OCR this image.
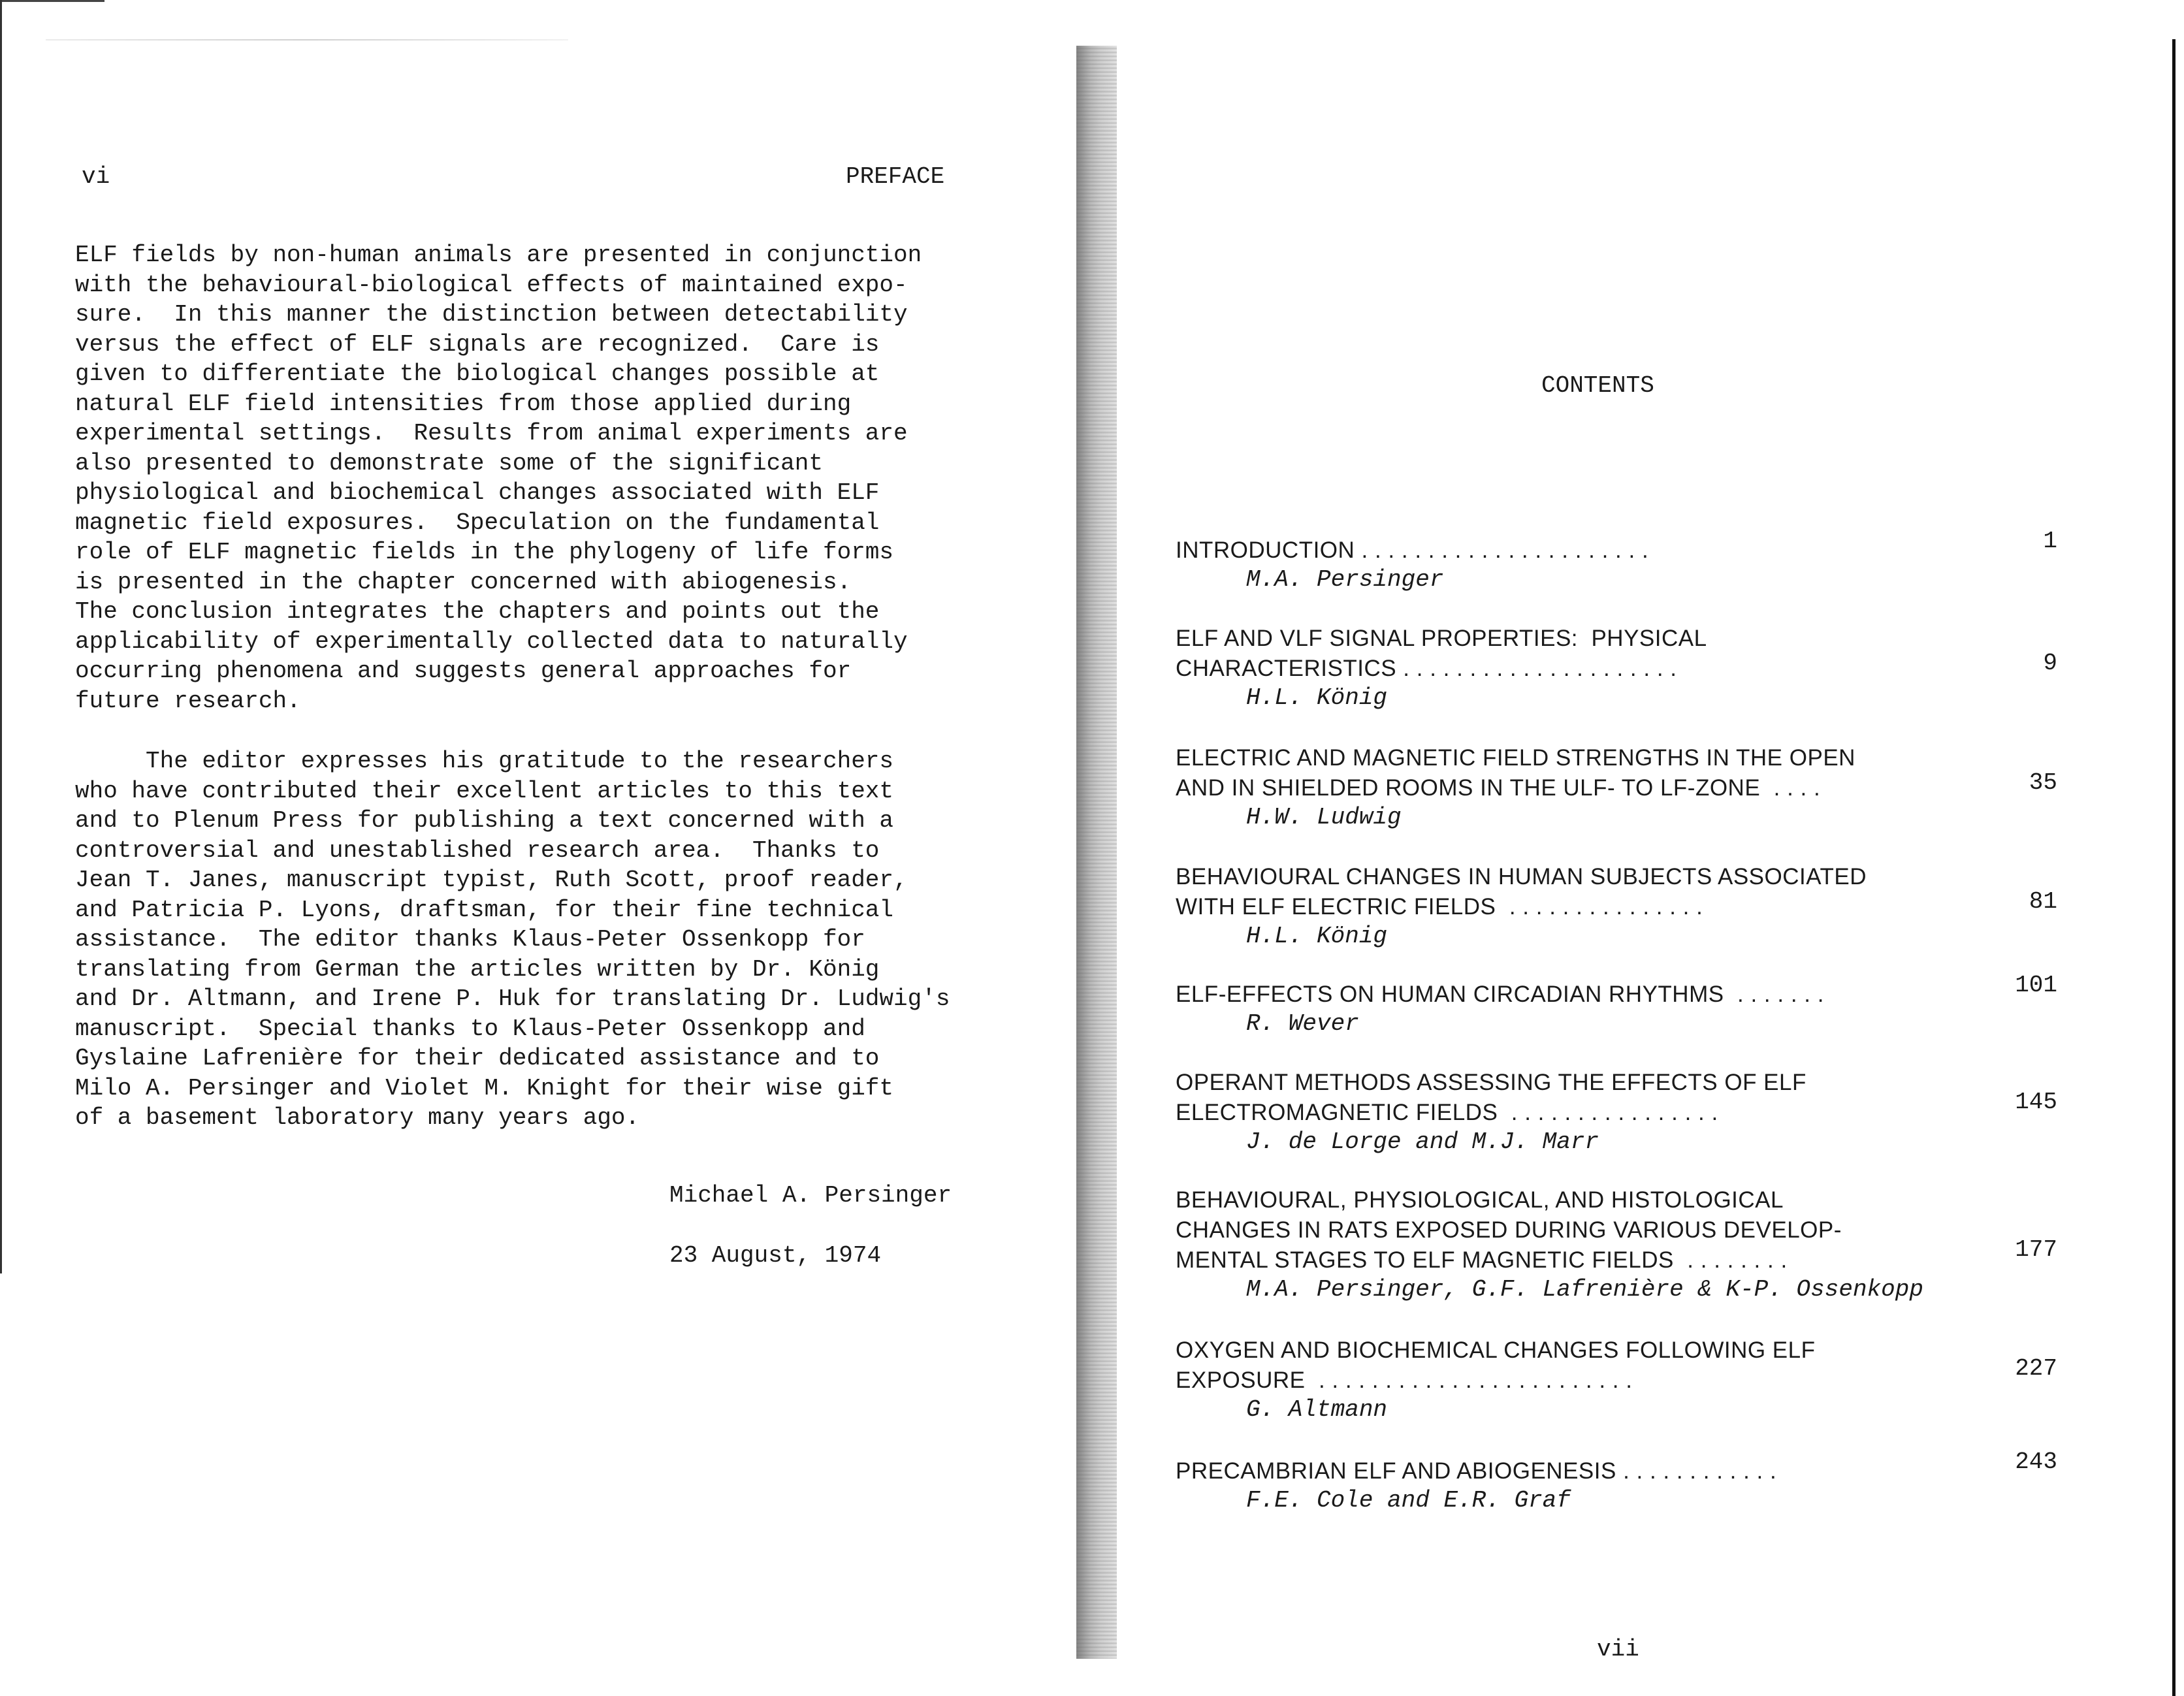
vi	PREFACE

ELF fields by non-human animals are presented in conjunction
with the behavioural-biological effects of maintained expo-
sure.  In this manner the distinction between detectability
versus the effect of ELF signals are recognized.  Care is
given to differentiate the biological changes possible at
natural ELF field intensities from those applied during
experimental settings.  Results from animal experiments are
also presented to demonstrate some of the significant
physiological and biochemical changes associated with ELF
magnetic field exposures.  Speculation on the fundamental
role of ELF magnetic fields in the phylogeny of life forms
is presented in the chapter concerned with abiogenesis.
The conclusion integrates the chapters and points out the
applicability of experimentally collected data to naturally
occurring phenomena and suggests general approaches for
future research.

The editor expresses his gratitude to the researchers
who have contributed their excellent articles to this text
and to Plenum Press for publishing a text concerned with a
controversial and unestablished research area.  Thanks to
Jean T. Janes, manuscript typist, Ruth Scott, proof reader,
and Patricia P. Lyons, draftsman, for their fine technical
assistance.  The editor thanks Klaus-Peter Ossenkopp for
translating from German the articles written by Dr. König
and Dr. Altmann, and Irene P. Huk for translating Dr. Ludwig's
manuscript.  Special thanks to Klaus-Peter Ossenkopp and
Gyslaine Lafrenière for their dedicated assistance and to
Milo A. Persinger and Violet M. Knight for their wise gift
of a basement laboratory many years ago.

Michael A. Persinger
23 August, 1974
CONTENTS
INTRODUCTION . . . . . . . . . . . . . . . . . . . . . .
M.A. Persinger
1
ELF AND VLF SIGNAL PROPERTIES:  PHYSICAL
CHARACTERISTICS . . . . . . . . . . . . . . . . . . . . .
H.L. König
9
ELECTRIC AND MAGNETIC FIELD STRENGTHS IN THE OPEN
AND IN SHIELDED ROOMS IN THE ULF- TO LF-ZONE  . . . .
H.W. Ludwig
35
BEHAVIOURAL CHANGES IN HUMAN SUBJECTS ASSOCIATED
WITH ELF ELECTRIC FIELDS  . . . . . . . . . . . . . . .
H.L. König
81
ELF-EFFECTS ON HUMAN CIRCADIAN RHYTHMS  . . . . . . .
R. Wever
101
OPERANT METHODS ASSESSING THE EFFECTS OF ELF
ELECTROMAGNETIC FIELDS  . . . . . . . . . . . . . . . .
J. de Lorge and M.J. Marr
145
BEHAVIOURAL, PHYSIOLOGICAL, AND HISTOLOGICAL
CHANGES IN RATS EXPOSED DURING VARIOUS DEVELOP-
MENTAL STAGES TO ELF MAGNETIC FIELDS  . . . . . . . .
M.A. Persinger, G.F. Lafrenière & K-P. Ossenkopp
177
OXYGEN AND BIOCHEMICAL CHANGES FOLLOWING ELF
EXPOSURE  . . . . . . . . . . . . . . . . . . . . . . . .
G. Altmann
227
PRECAMBRIAN ELF AND ABIOGENESIS . . . . . . . . . . . .
F.E. Cole and E.R. Graf
243
vii
